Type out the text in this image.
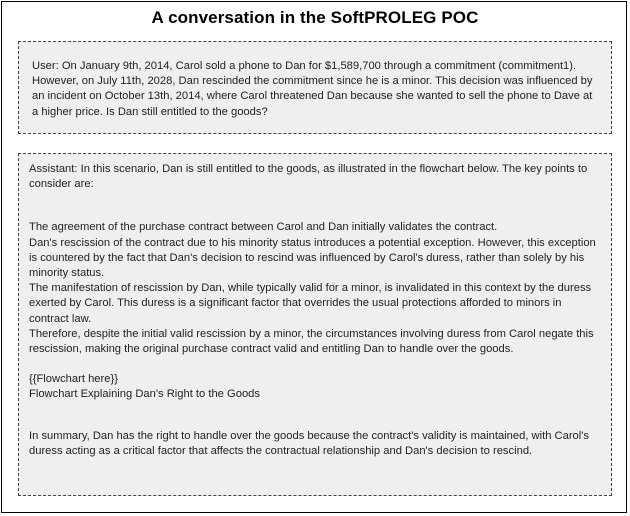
A conversation in the SoftPROLEG POC
User: On January 9th, 2014, Carol sold a phone to Dan for $1,589,700 through a commitment (commitment1). However, on July 11th, 2028, Dan rescinded the commitment since he is a minor. This decision was influenced by an incident on October 13th, 2014, where Carol threatened Dan because she wanted to sell the phone to Dave at a higher price. Is Dan still entitled to the goods?
Assistant: In this scenario, Dan is still entitled to the goods, as illustrated in the flowchart below. The key points to consider are:
The agreement of the purchase contract between Carol and Dan initially validates the contract.
Dan's rescission of the contract due to his minority status introduces a potential exception. However, this exception is countered by the fact that Dan's decision to rescind was influenced by Carol's duress, rather than solely by his minority status.
The manifestation of rescission by Dan, while typically valid for a minor, is invalidated in this context by the duress exerted by Carol. This duress is a significant factor that overrides the usual protections afforded to minors in contract law.
Therefore, despite the initial valid rescission by a minor, the circumstances involving duress from Carol negate this rescission, making the original purchase contract valid and entitling Dan to handle over the goods.
{{Flowchart here}}
Flowchart Explaining Dan's Right to the Goods
In summary, Dan has the right to handle over the goods because the contract's validity is maintained, with Carol's duress acting as a critical factor that affects the contractual relationship and Dan's decision to rescind.
